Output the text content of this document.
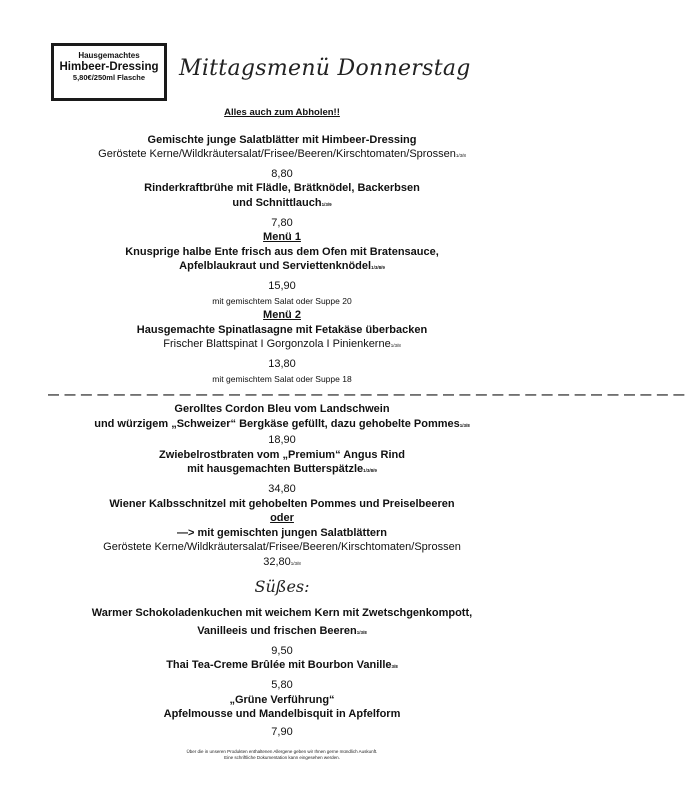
Hausgemachtes
Himbeer-Dressing
5,80€/250ml Flasche	Mittagsmenü Donnerstag
Alles auch zum Abholen!!
Gemischte junge Salatblätter mit Himbeer-Dressing
Geröstete Kerne/Wildkräutersalat/Frisee/Beeren/Kirschtomaten/Sprossen1/3/8
8,80
Rinderkraftbrühe mit Flädle, Brätknödel, Backerbsen
und Schnittlauch1/3/9
7,80
Menü 1
Knusprige halbe Ente frisch aus dem Ofen mit Bratensauce,
Apfelblaukraut und Serviettenknödel1/3/8/9
15,90
mit gemischtem Salat oder Suppe 20
Menü 2
Hausgemachte Spinatlasagne mit Fetakäse überbacken
Frischer Blattspinat I Gorgonzola I Pinienkerne1/3/8
13,80
mit gemischtem Salat oder Suppe 18
— — — — — — — — — — — — — — — — — — — — — — — — — — — — — — — — — — — — — — —
Gerolltes Cordon Bleu vom Landschwein
und würzigem „Schweizer“ Bergkäse gefüllt, dazu gehobelte Pommes1/3/8
18,90
Zwiebelrostbraten vom „Premium“ Angus Rind
mit hausgemachten Butterspätzle1/3/8/9
34,80
Wiener Kalbsschnitzel mit gehobelten Pommes und Preiselbeeren
oder
—> mit gemischten jungen Salatblättern
Geröstete Kerne/Wildkräutersalat/Frisee/Beeren/Kirschtomaten/Sprossen
32,801/3/8
Süßes:
Warmer Schokoladenkuchen mit weichem Kern mit Zwetschgenkompott,
Vanilleeis und frischen Beeren1/3/8
9,50
Thai Tea-Creme Brûlée mit Bourbon Vanille3/8
5,80
„Grüne Verführung“
Apfelmousse und Mandelbisquit in Apfelform
7,90
Über die in unseren Produkten enthaltenen Allergene geben wir Ihnen gerne mündlich Auskunft.
Eine schriftliche Dokumentation kann eingesehen werden.
